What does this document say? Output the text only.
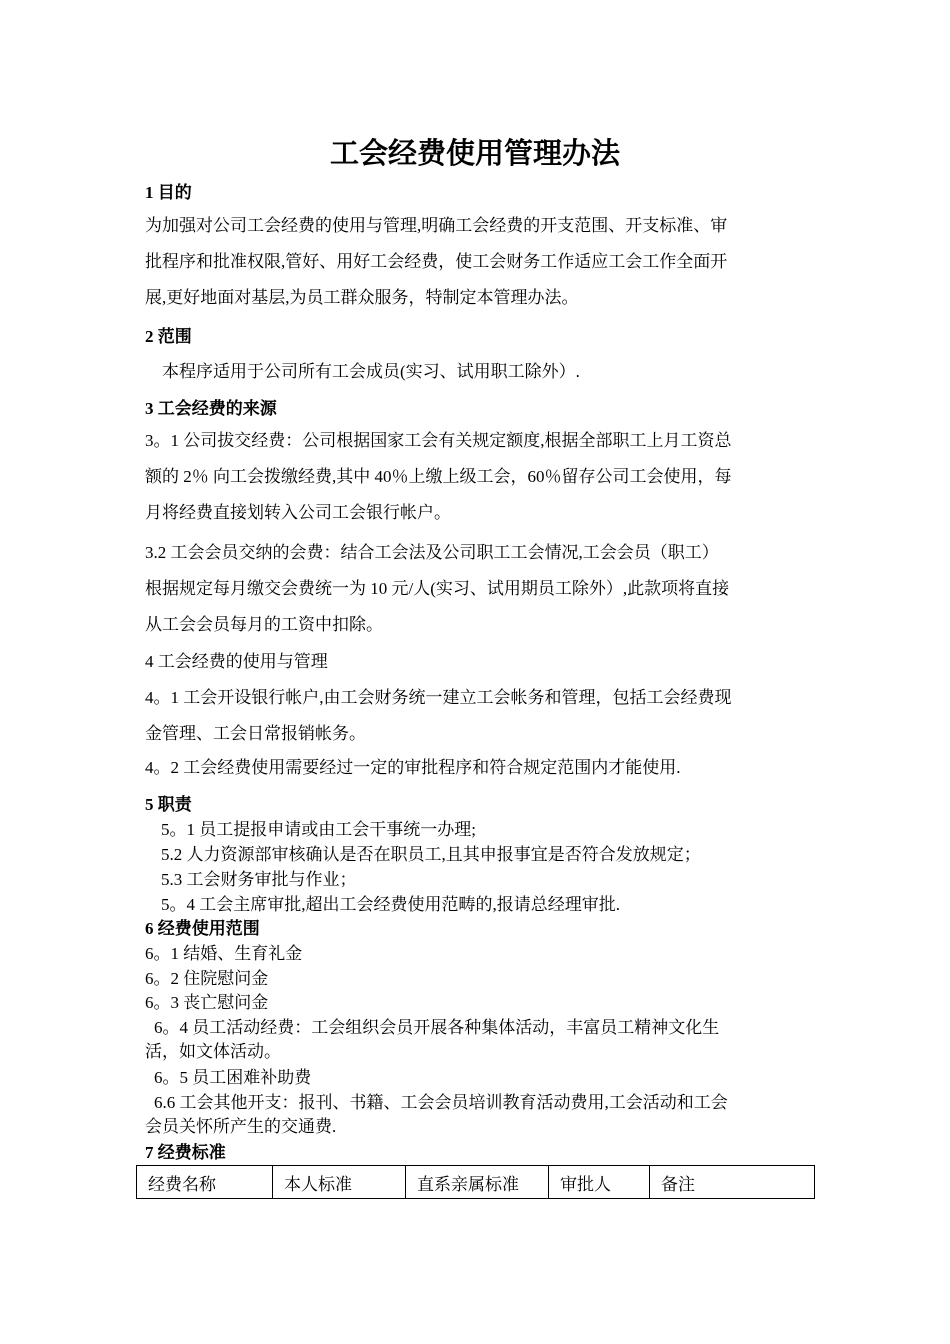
工会经费使用管理办法
1 目的
为加强对公司工会经费的使用与管理,明确工会经费的开支范围、开支标准、审
批程序和批准权限,管好、用好工会经费，使工会财务工作适应工会工作全面开
展,更好地面对基层,为员工群众服务，特制定本管理办法。
2 范围
本程序适用于公司所有工会成员(实习、试用职工除外）.
3 工会经费的来源
3。1 公司拔交经费：公司根据国家工会有关规定额度,根据全部职工上月工资总
额的 2％ 向工会拨缴经费,其中 40％上缴上级工会，60％留存公司工会使用，每
月将经费直接划转入公司工会银行帐户。
3.2 工会会员交纳的会费：结合工会法及公司职工工会情况,工会会员（职工）
根据规定每月缴交会费统一为 10 元/人(实习、试用期员工除外）,此款项将直接
从工会会员每月的工资中扣除。
4 工会经费的使用与管理
4。1 工会开设银行帐户,由工会财务统一建立工会帐务和管理，包括工会经费现
金管理、工会日常报销帐务。
4。2 工会经费使用需要经过一定的审批程序和符合规定范围内才能使用.
5 职责
5。1 员工提报申请或由工会干事统一办理;
5.2 人力资源部审核确认是否在职员工,且其申报事宜是否符合发放规定；
5.3 工会财务审批与作业；
5。4 工会主席审批,超出工会经费使用范畴的,报请总经理审批.
6 经费使用范围
6。1 结婚、生育礼金
6。2 住院慰问金
6。3 丧亡慰问金
6。4 员工活动经费：工会组织会员开展各种集体活动，丰富员工精神文化生
活，如文体活动。
6。5 员工困难补助费
6.6 工会其他开支：报刊、书籍、工会会员培训教育活动费用,工会活动和工会
会员关怀所产生的交通费.
7 经费标准
经费名称	本人标准	直系亲属标准	审批人	备注
